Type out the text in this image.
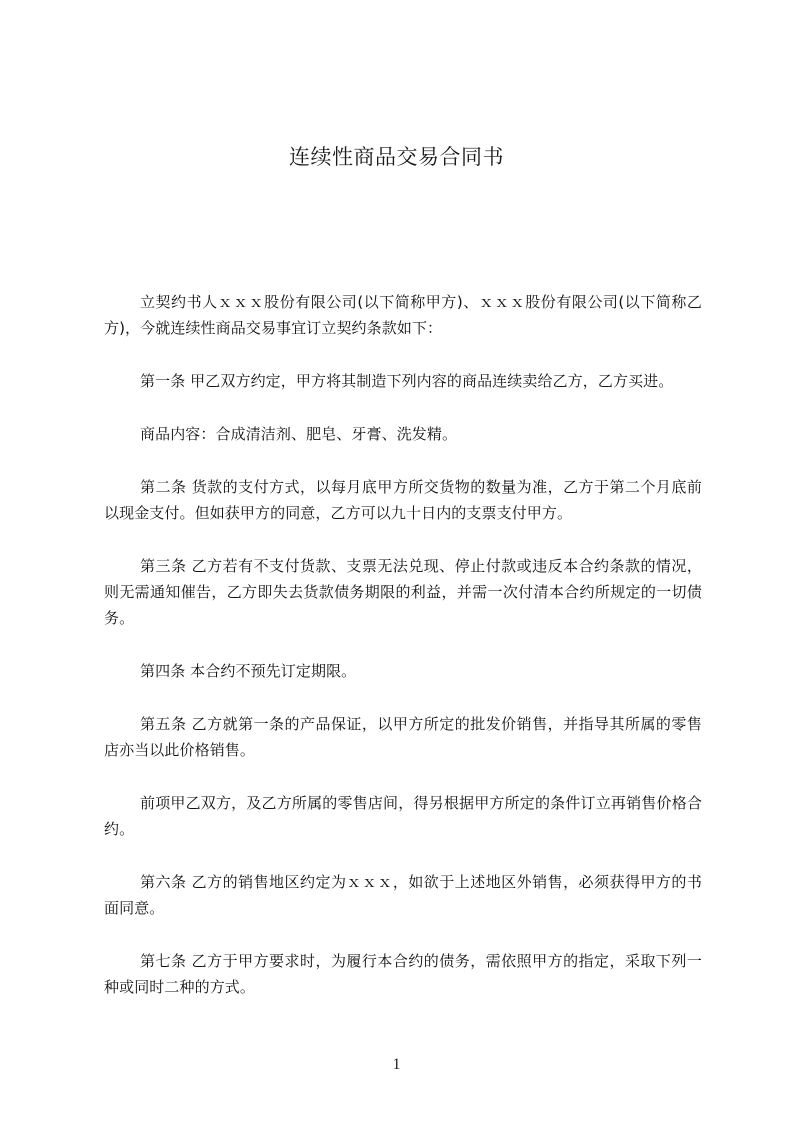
连续性商品交易合同书

立契约书人ｘｘｘ股份有限公司(以下简称甲方)、ｘｘｘ股份有限公司(以下简称乙方)，今就连续性商品交易事宜订立契约条款如下：

第一条 甲乙双方约定，甲方将其制造下列内容的商品连续卖给乙方，乙方买进。

商品内容：合成清洁剂、肥皂、牙膏、洗发精。

第二条 货款的支付方式，以每月底甲方所交货物的数量为准，乙方于第二个月底前以现金支付。但如获甲方的同意，乙方可以九十日内的支票支付甲方。

第三条 乙方若有不支付货款、支票无法兑现、停止付款或违反本合约条款的情况，则无需通知催告，乙方即失去货款债务期限的利益，并需一次付清本合约所规定的一切债务。

第四条 本合约不预先订定期限。

第五条 乙方就第一条的产品保证，以甲方所定的批发价销售，并指导其所属的零售店亦当以此价格销售。

前项甲乙双方，及乙方所属的零售店间，得另根据甲方所定的条件订立再销售价格合约。

第六条 乙方的销售地区约定为ｘｘｘ，如欲于上述地区外销售，必须获得甲方的书面同意。

第七条 乙方于甲方要求时，为履行本合约的债务，需依照甲方的指定，采取下列一种或同时二种的方式。

1
